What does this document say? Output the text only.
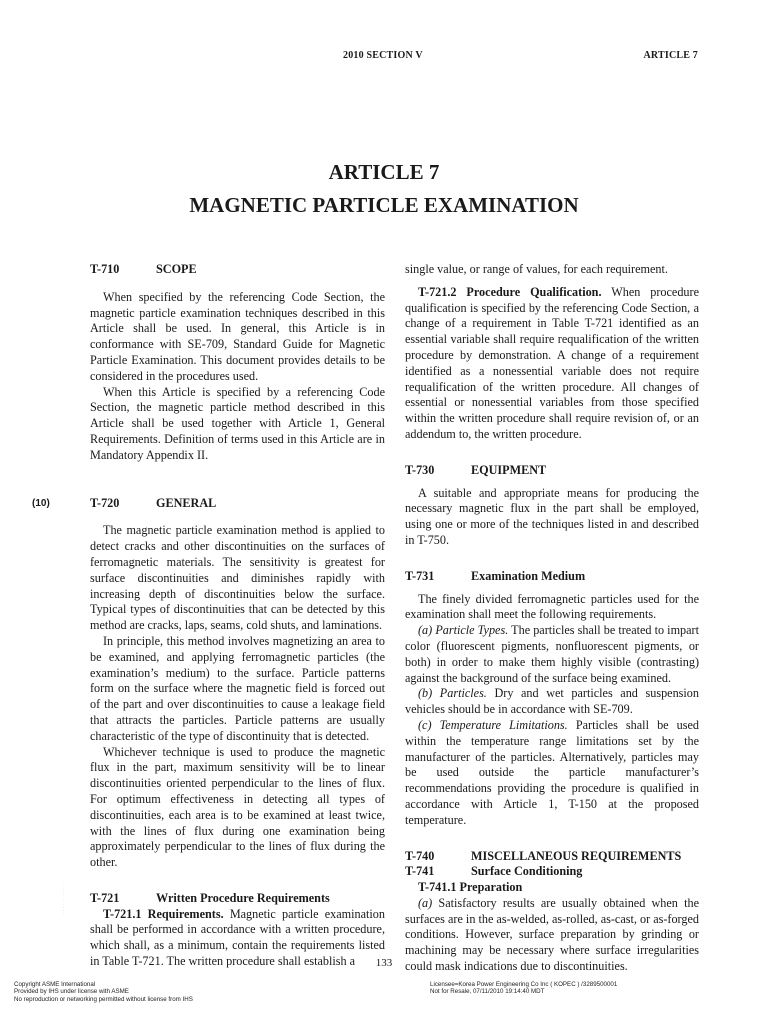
2010 SECTION V	ARTICLE 7
ARTICLE 7
MAGNETIC PARTICLE EXAMINATION

T-710	SCOPE

When specified by the referencing Code Section, the magnetic particle examination techniques described in this Article shall be used. In general, this Article is in conformance with SE-709, Standard Guide for Magnetic Particle Examination. This document provides details to be considered in the procedures used.

When this Article is specified by a referencing Code Section, the magnetic particle method described in this Article shall be used together with Article 1, General Requirements. Definition of terms used in this Article are in Mandatory Appendix II.

(10)	T-720	GENERAL

The magnetic particle examination method is applied to detect cracks and other discontinuities on the surfaces of ferromagnetic materials. The sensitivity is greatest for surface discontinuities and diminishes rapidly with increasing depth of discontinuities below the surface. Typical types of discontinuities that can be detected by this method are cracks, laps, seams, cold shuts, and laminations.

In principle, this method involves magnetizing an area to be examined, and applying ferromagnetic particles (the examination’s medium) to the surface. Particle patterns form on the surface where the magnetic field is forced out of the part and over discontinuities to cause a leakage field that attracts the particles. Particle patterns are usually characteristic of the type of discontinuity that is detected.

Whichever technique is used to produce the magnetic flux in the part, maximum sensitivity will be to linear discontinuities oriented perpendicular to the lines of flux. For optimum effectiveness in detecting all types of discontinuities, each area is to be examined at least twice, with the lines of flux during one examination being approximately perpendicular to the lines of flux during the other.

T-721	Written Procedure Requirements

T-721.1 Requirements. Magnetic particle examination shall be performed in accordance with a written procedure, which shall, as a minimum, contain the requirements listed in Table T-721. The written procedure shall establish a

single value, or range of values, for each requirement.

T-721.2 Procedure Qualification. When procedure qualification is specified by the referencing Code Section, a change of a requirement in Table T-721 identified as an essential variable shall require requalification of the written procedure by demonstration. A change of a requirement identified as a nonessential variable does not require requalification of the written procedure. All changes of essential or nonessential variables from those specified within the written procedure shall require revision of, or an addendum to, the written procedure.

T-730	EQUIPMENT

A suitable and appropriate means for producing the necessary magnetic flux in the part shall be employed, using one or more of the techniques listed in and described in T-750.

T-731	Examination Medium

The finely divided ferromagnetic particles used for the examination shall meet the following requirements.

(a) Particle Types. The particles shall be treated to impart color (fluorescent pigments, nonfluorescent pigments, or both) in order to make them highly visible (contrasting) against the background of the surface being examined.

(b) Particles. Dry and wet particles and suspension vehicles should be in accordance with SE-709.

(c) Temperature Limitations. Particles shall be used within the temperature range limitations set by the manufacturer of the particles. Alternatively, particles may be used outside the particle manufacturer’s recommendations providing the procedure is qualified in accordance with Article 1, T-150 at the proposed temperature.

T-740	MISCELLANEOUS REQUIREMENTS

T-741	Surface Conditioning

T-741.1 Preparation

(a) Satisfactory results are usually obtained when the surfaces are in the as-welded, as-rolled, as-cast, or as-forged conditions. However, surface preparation by grinding or machining may be necessary where surface irregularities could mask indications due to discontinuities.

· · · · · · · · · ·
133
Copyright ASME International
Provided by IHS under license with ASME
No reproduction or networking permitted without license from IHS
Licensee=Korea Power Engineering Co Inc ( KOPEC ) /3289500001
Not for Resale, 07/11/2010 19:14:40 MDT
